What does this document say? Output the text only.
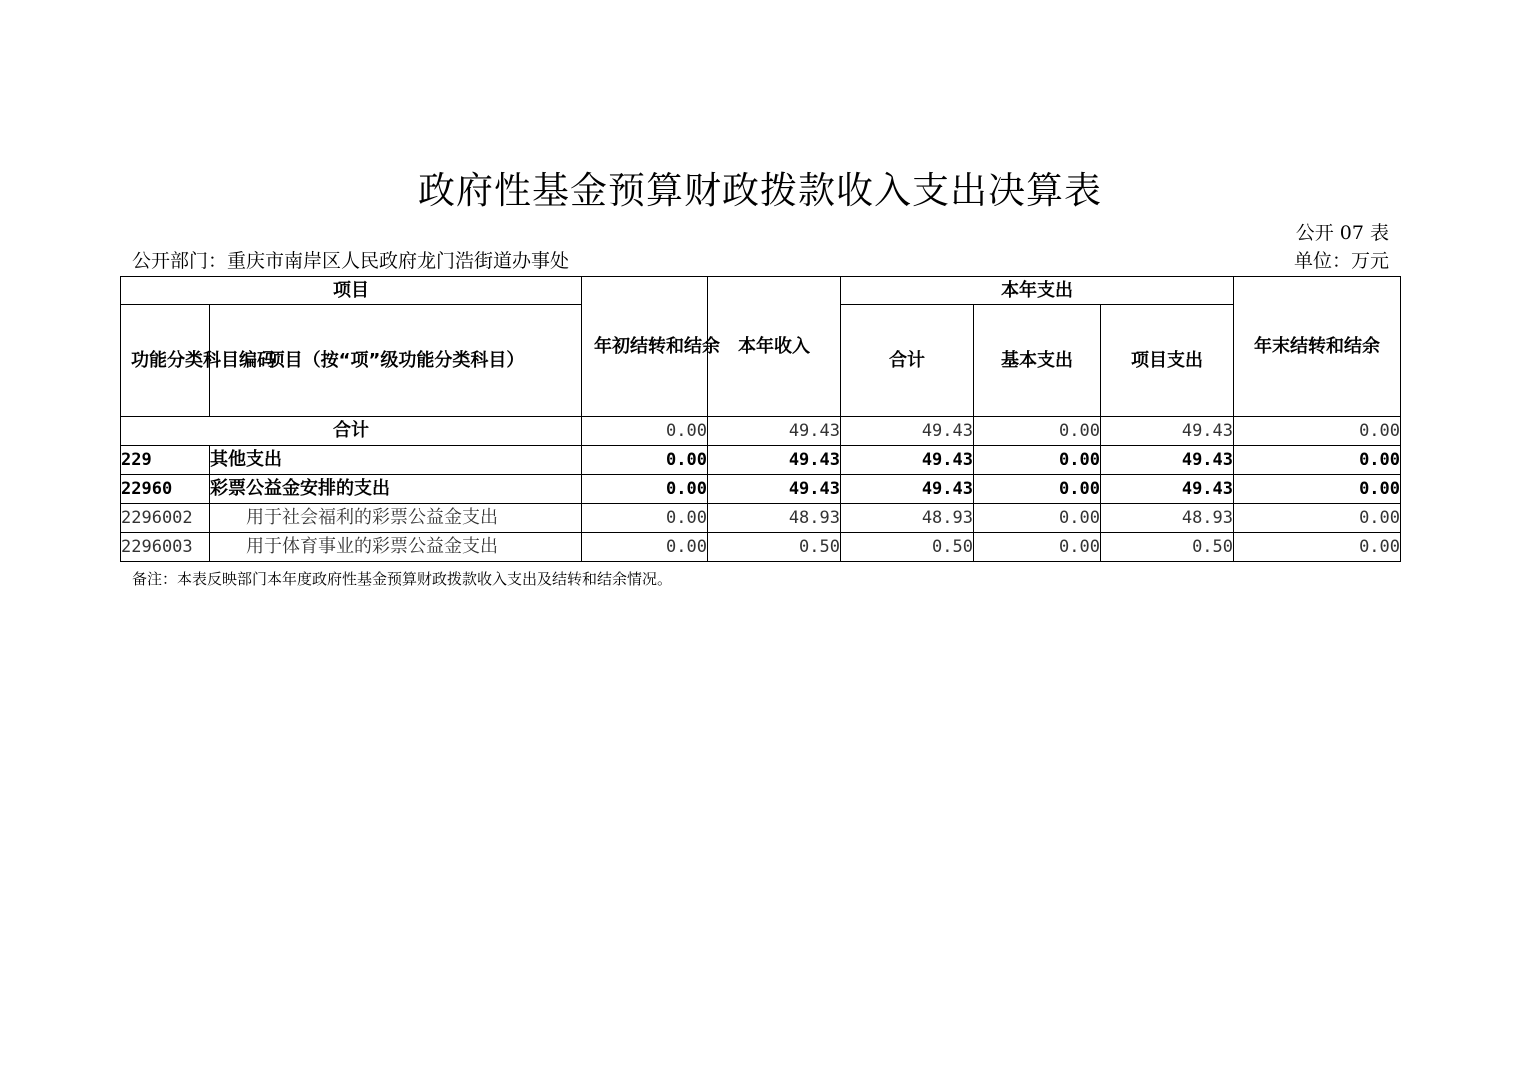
政府性基金预算财政拨款收入支出决算表
公开 07 表
公开部门：重庆市南岸区人民政府龙门浩街道办事处	单位：万元
项目		年初结转和结余	本年收入	本年支出			年末结转和结余
功能分类科目编码	项目（按“项”级功能分类科目）			合计	基本支出	项目支出	
合计		0.00	49.43	49.43	0.00	49.43	0.00
229	其他支出	0.00	49.43	49.43	0.00	49.43	0.00
22960	彩票公益金安排的支出	0.00	49.43	49.43	0.00	49.43	0.00
2296002	用于社会福利的彩票公益金支出	0.00	48.93	48.93	0.00	48.93	0.00
2296003	用于体育事业的彩票公益金支出	0.00	0.50	0.50	0.00	0.50	0.00
备注：本表反映部门本年度政府性基金预算财政拨款收入支出及结转和结余情况。
